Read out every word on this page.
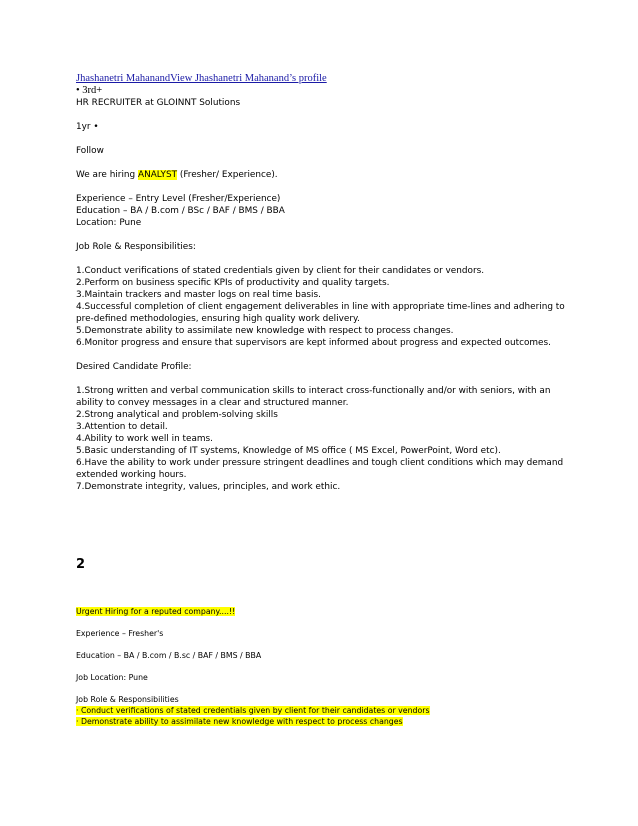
Jhashanetri MahanandView Jhashanetri Mahanand’s profile
• 3rd+

HR RECRUITER at GLOINNT Solutions

1yr •

Follow

We are hiring ANALYST (Fresher/ Experience).

Experience – Entry Level (Fresher/Experience)

Education – BA / B.com / BSc / BAF / BMS / BBA

Location: Pune

Job Role & Responsibilities:

1.Conduct verifications of stated credentials given by client for their candidates or vendors.

2.Perform on business specific KPIs of productivity and quality targets.

3.Maintain trackers and master logs on real time basis.

4.Successful completion of client engagement deliverables in line with appropriate time-lines and adhering to pre-defined methodologies, ensuring high quality work delivery.

5.Demonstrate ability to assimilate new knowledge with respect to process changes.

6.Monitor progress and ensure that supervisors are kept informed about progress and expected outcomes.

Desired Candidate Profile:

1.Strong written and verbal communication skills to interact cross-functionally and/or with seniors, with an ability to convey messages in a clear and structured manner.

2.Strong analytical and problem-solving skills

3.Attention to detail.

4.Ability to work well in teams.

5.Basic understanding of IT systems, Knowledge of MS office ( MS Excel, PowerPoint, Word etc).

6.Have the ability to work under pressure stringent deadlines and tough client conditions which may demand extended working hours.

7.Demonstrate integrity, values, principles, and work ethic.

2

Urgent Hiring for a reputed company....!!

Experience – Fresher's

Education – BA / B.com / B.sc / BAF / BMS / BBA

Job Location: Pune

Job Role & Responsibilities

· Conduct verifications of stated credentials given by client for their candidates or vendors

· Demonstrate ability to assimilate new knowledge with respect to process changes
